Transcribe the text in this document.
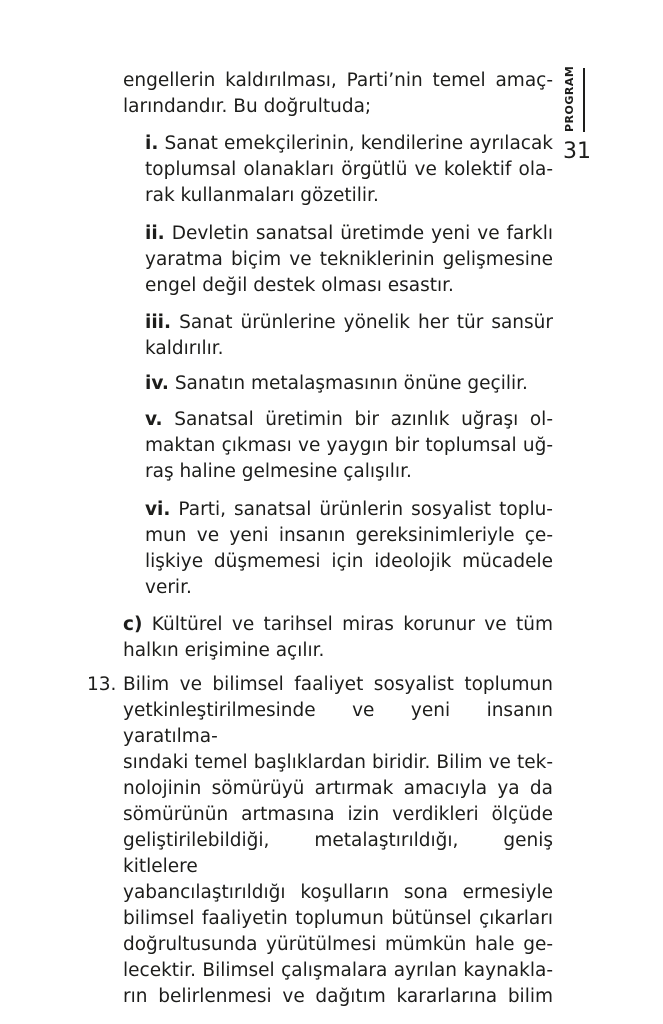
PROGRAM
31
engellerin kaldırılması, Parti’nin temel amaç-
larındandır. Bu doğrultuda;
i. Sanat emekçilerinin, kendilerine ayrılacak
toplumsal olanakları örgütlü ve kolektif ola-
rak kullanmaları gözetilir.
ii. Devletin sanatsal üretimde yeni ve farklı
yaratma biçim ve tekniklerinin gelişmesine
engel değil destek olması esastır.
iii. Sanat ürünlerine yönelik her tür sansür
kaldırılır.
iv. Sanatın metalaşmasının önüne geçilir.
v. Sanatsal üretimin bir azınlık uğraşı ol-
maktan çıkması ve yaygın bir toplumsal uğ-
raş haline gelmesine çalışılır.
vi. Parti, sanatsal ürünlerin sosyalist toplu-
mun ve yeni insanın gereksinimleriyle çe-
lişkiye düşmemesi için ideolojik mücadele
verir.
c) Kültürel ve tarihsel miras korunur ve tüm
halkın erişimine açılır.
13. Bilim ve bilimsel faaliyet sosyalist toplumun
yetkinleştirilmesinde ve yeni insanın yaratılma-
sındaki temel başlıklardan biridir. Bilim ve tek-
nolojinin sömürüyü artırmak amacıyla ya da
sömürünün artmasına izin verdikleri ölçüde
geliştirilebildiği, metalaştırıldığı, geniş kitlelere
yabancılaştırıldığı koşulların sona ermesiyle
bilimsel faaliyetin toplumun bütünsel çıkarları
doğrultusunda yürütülmesi mümkün hale ge-
lecektir. Bilimsel çalışmalara ayrılan kaynakla-
rın belirlenmesi ve dağıtım kararlarına bilim
